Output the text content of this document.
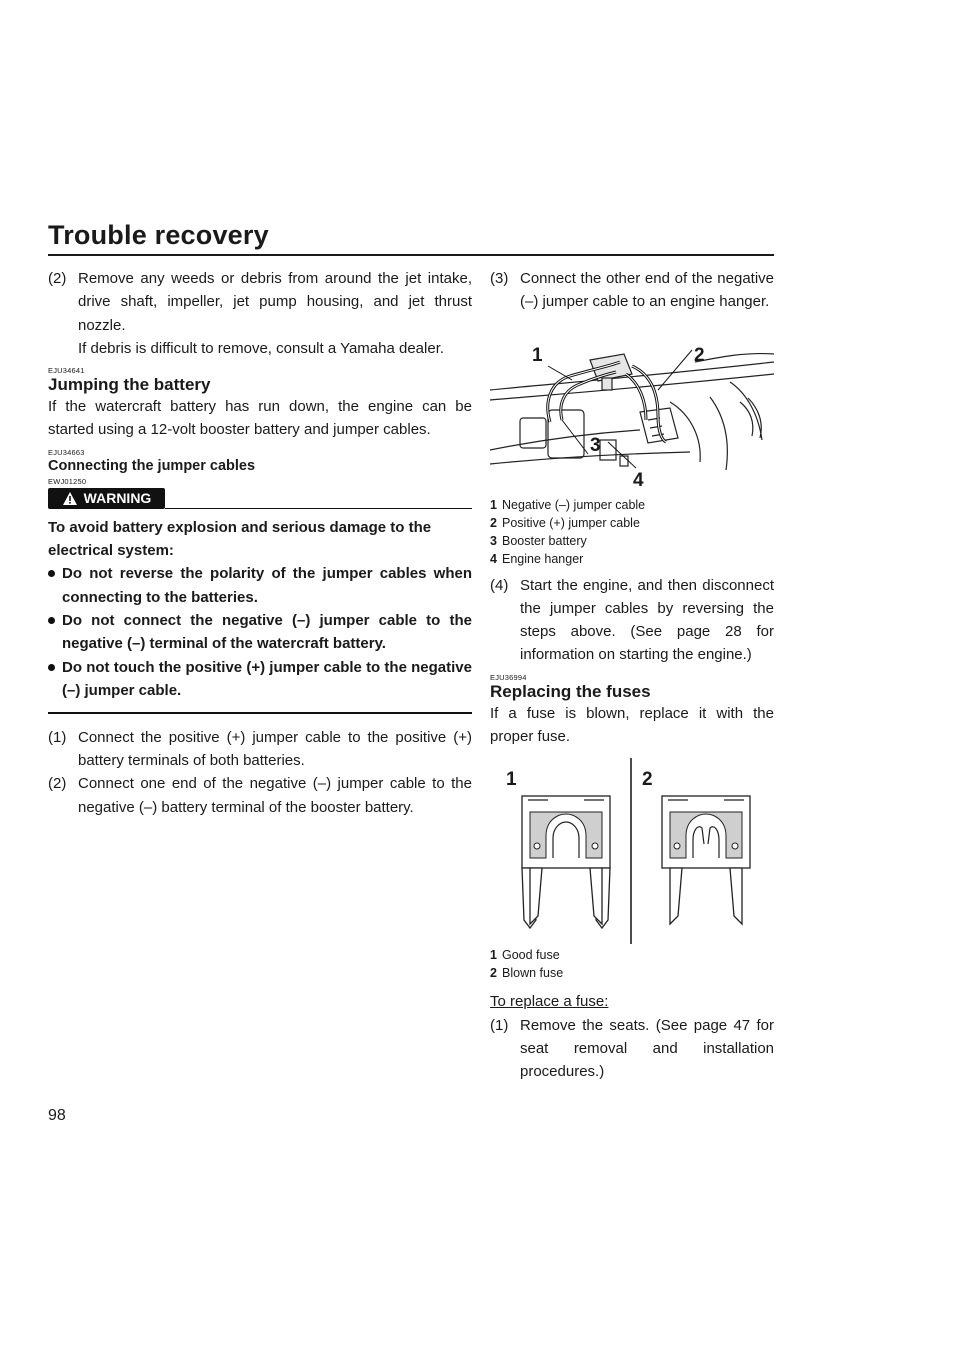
Trouble recovery
(2) Remove any weeds or debris from around the jet intake, drive shaft, impeller, jet pump housing, and jet thrust nozzle.
If debris is difficult to remove, consult a Yamaha dealer.
EJU34641
Jumping the battery
If the watercraft battery has run down, the engine can be started using a 12-volt booster battery and jumper cables.
EJU34663
Connecting the jumper cables
EWJ01250
WARNING
To avoid battery explosion and serious damage to the electrical system:
Do not reverse the polarity of the jumper cables when connecting to the batteries.
Do not connect the negative (–) jumper cable to the negative (–) terminal of the watercraft battery.
Do not touch the positive (+) jumper cable to the negative (–) jumper cable.
(1) Connect the positive (+) jumper cable to the positive (+) battery terminals of both batteries.
(2) Connect one end of the negative (–) jumper cable to the negative (–) battery terminal of the booster battery.
(3) Connect the other end of the negative (–) jumper cable to an engine hanger.
1	2
3
4
1 Negative (–) jumper cable
2 Positive (+) jumper cable
3 Booster battery
4 Engine hanger
(4) Start the engine, and then disconnect the jumper cables by reversing the steps above. (See page 28 for information on starting the engine.)
EJU36994
Replacing the fuses
If a fuse is blown, replace it with the proper fuse.
1	2
1 Good fuse
2 Blown fuse
To replace a fuse:
(1) Remove the seats. (See page 47 for seat removal and installation procedures.)
98
